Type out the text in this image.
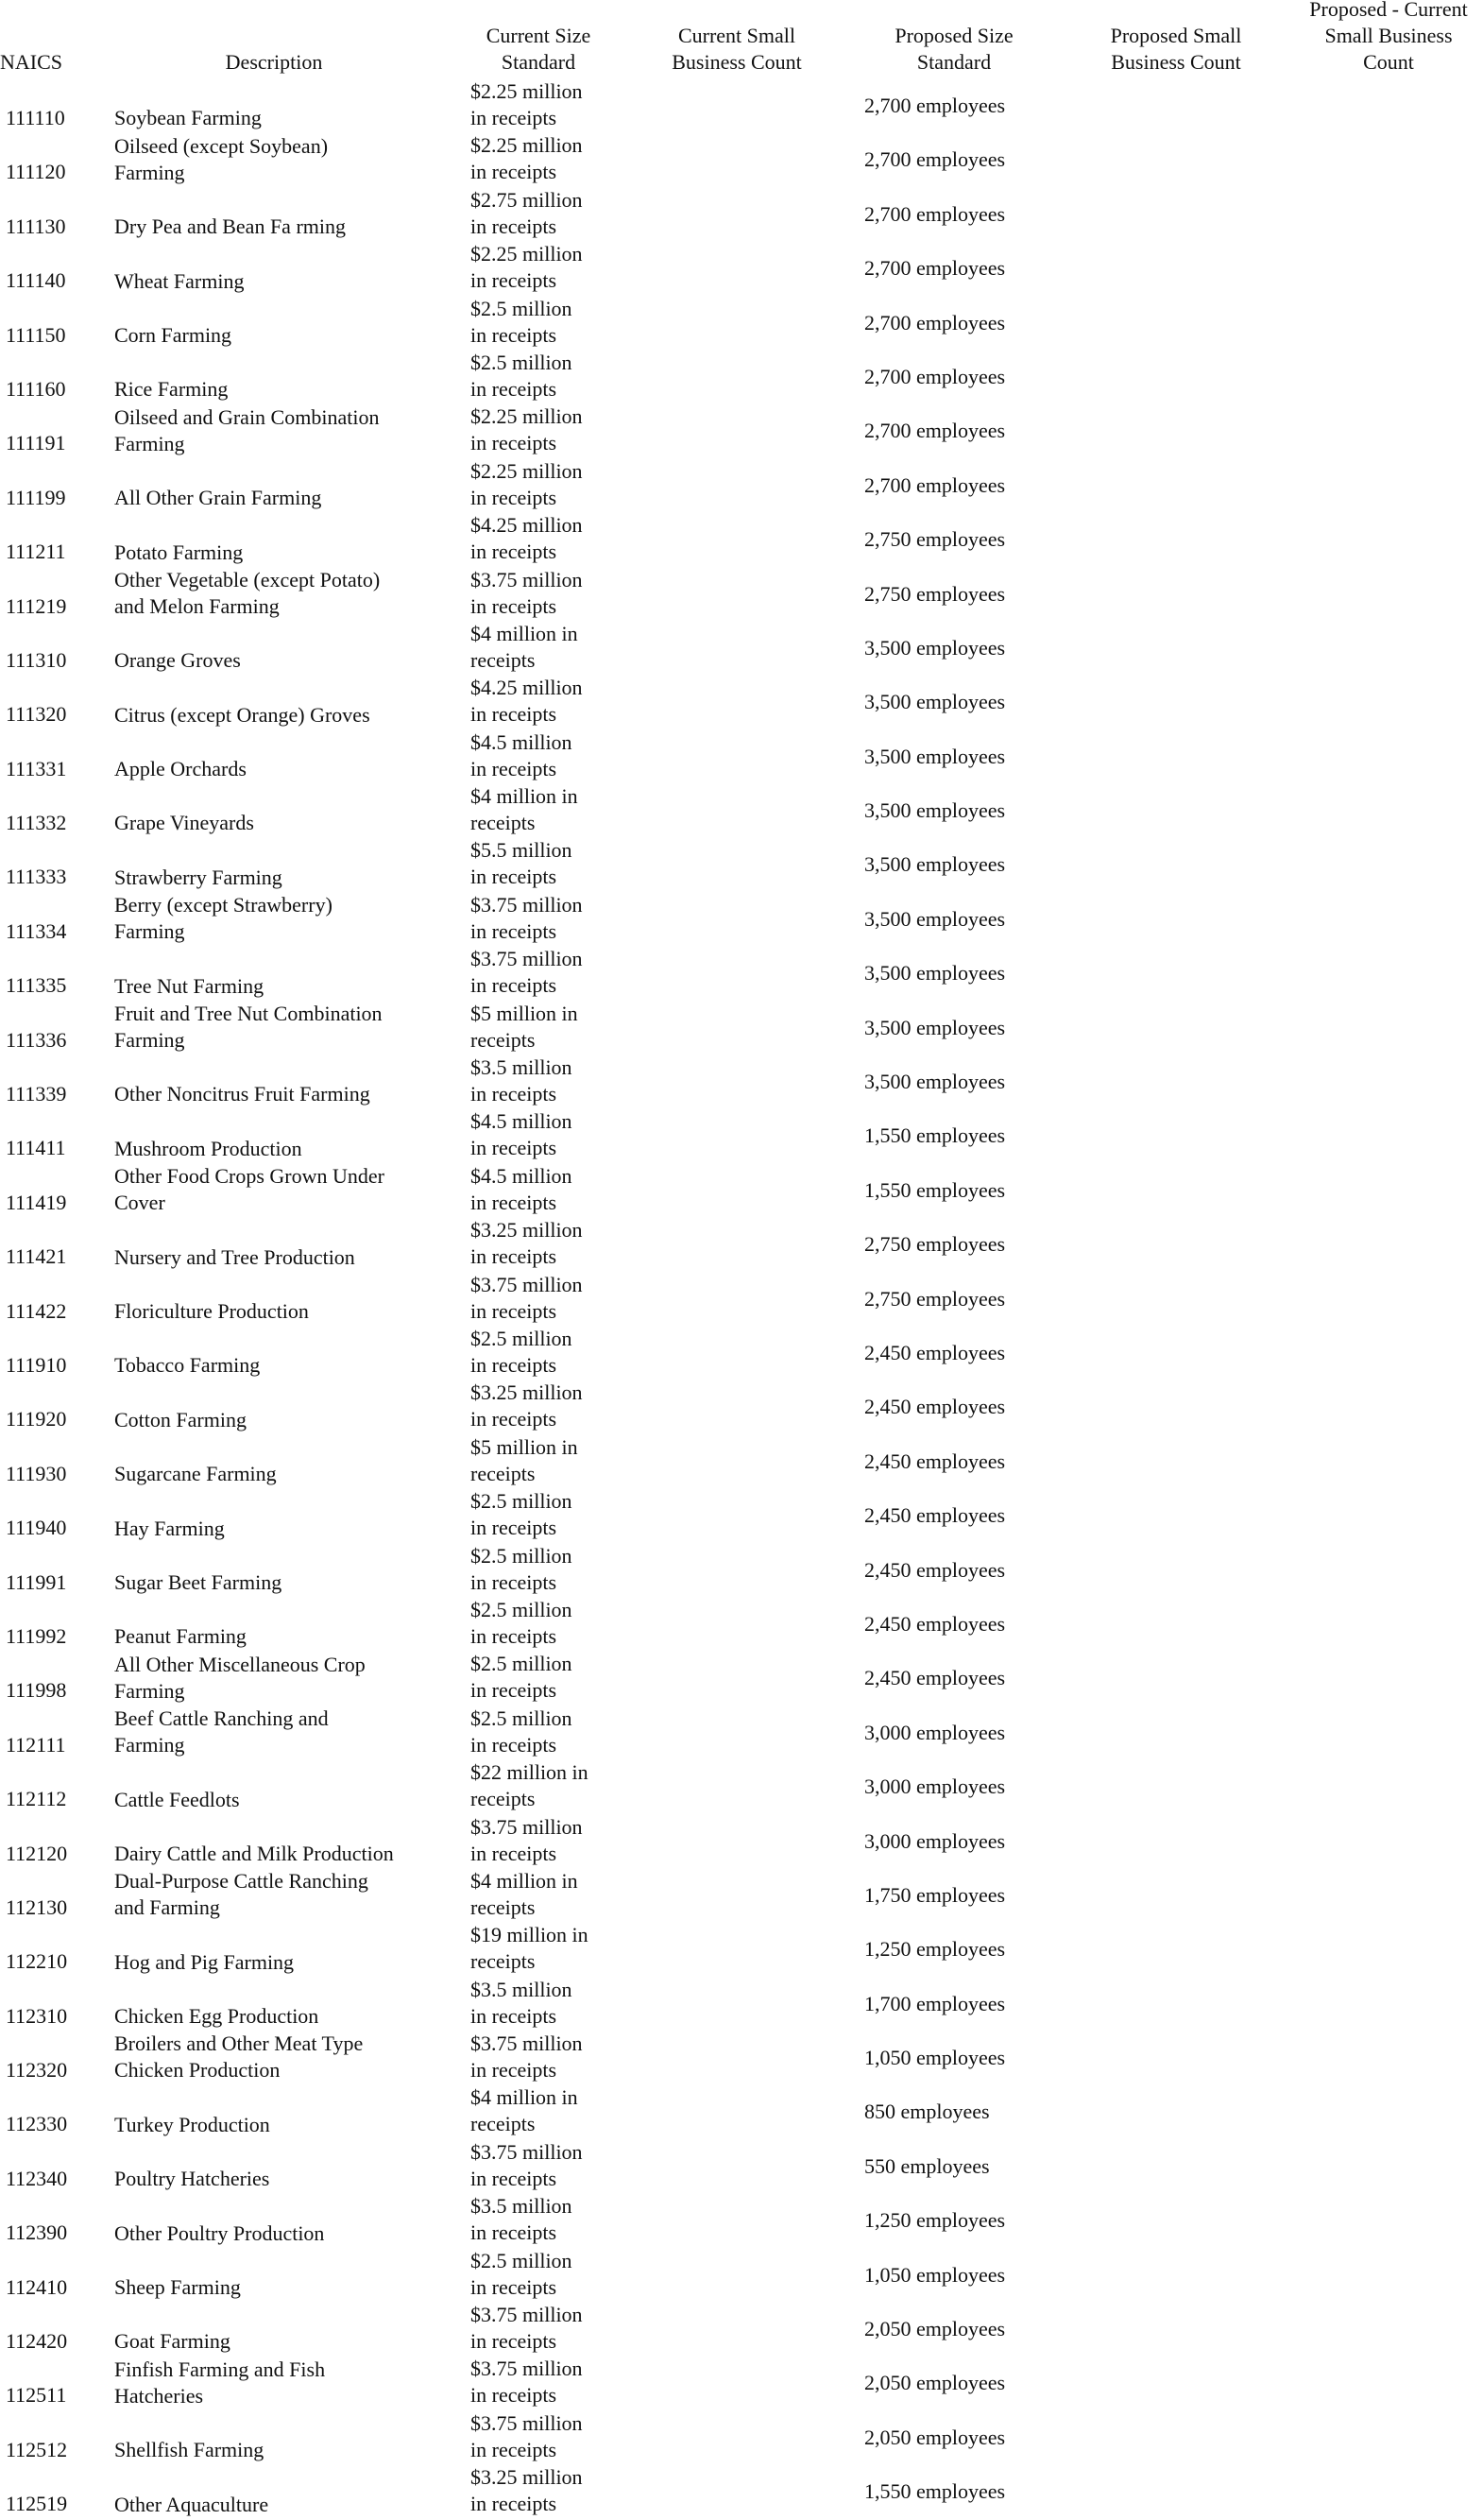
NAICS	Description
Current Size
Standard
Current Small
Business Count
Proposed Size
Standard
Proposed Small
Business Count
Proposed - Current
Small Business
Count
111110 Soybean Farming
$2.25 million
in receipts
2,700 employees
111120
Oilseed (except Soybean)
Farming
$2.25 million
in receipts
2,700 employees
111130 Dry Pea and Bean Fa rming
$2.75 million
in receipts
2,700 employees
111140 Wheat Farming
$2.25 million
in receipts
2,700 employees
111150 Corn Farming
$2.5 million
in receipts
2,700 employees
111160 Rice Farming
$2.5 million
in receipts
2,700 employees
111191
Oilseed and Grain Combination
Farming
$2.25 million
in receipts
2,700 employees
111199 All Other Grain Farming
$2.25 million
in receipts
2,700 employees
111211 Potato Farming
$4.25 million
in receipts
2,750 employees
111219
Other Vegetable (except Potato)
and Melon Farming
$3.75 million
in receipts
2,750 employees
111310 Orange Groves
$4 million in
receipts
3,500 employees
111320 Citrus (except Orange) Groves
$4.25 million
in receipts
3,500 employees
111331 Apple Orchards
$4.5 million
in receipts
3,500 employees
111332 Grape Vineyards
$4 million in
receipts
3,500 employees
111333 Strawberry Farming
$5.5 million
in receipts
3,500 employees
111334
Berry (except Strawberry)
Farming
$3.75 million
in receipts
3,500 employees
111335 Tree Nut Farming
$3.75 million
in receipts
3,500 employees
111336
Fruit and Tree Nut Combination
Farming
$5 million in
receipts
3,500 employees
111339 Other Noncitrus Fruit Farming
$3.5 million
in receipts
3,500 employees
111411 Mushroom Production
$4.5 million
in receipts
1,550 employees
111419
Other Food Crops Grown Under
Cover
$4.5 million
in receipts
1,550 employees
111421 Nursery and Tree Production
$3.25 million
in receipts
2,750 employees
111422 Floriculture Production
$3.75 million
in receipts
2,750 employees
111910 Tobacco Farming
$2.5 million
in receipts
2,450 employees
111920 Cotton Farming
$3.25 million
in receipts
2,450 employees
111930 Sugarcane Farming
$5 million in
receipts
2,450 employees
111940 Hay Farming
$2.5 million
in receipts
2,450 employees
111991 Sugar Beet Farming
$2.5 million
in receipts
2,450 employees
111992 Peanut Farming
$2.5 million
in receipts
2,450 employees
111998
All Other Miscellaneous Crop
Farming
$2.5 million
in receipts
2,450 employees
112111
Beef Cattle Ranching and
Farming
$2.5 million
in receipts
3,000 employees
112112 Cattle Feedlots
$22 million in
receipts
3,000 employees
112120 Dairy Cattle and Milk Production
$3.75 million
in receipts
3,000 employees
112130
Dual-Purpose Cattle Ranching
and Farming
$4 million in
receipts
1,750 employees
112210 Hog and Pig Farming
$19 million in
receipts
1,250 employees
112310 Chicken Egg Production
$3.5 million
in receipts
1,700 employees
112320
Broilers and Other Meat Type
Chicken Production
$3.75 million
in receipts
1,050 employees
112330 Turkey Production
$4 million in
receipts
850 employees
112340 Poultry Hatcheries
$3.75 million
in receipts
550 employees
112390 Other Poultry Production
$3.5 million
in receipts
1,250 employees
112410 Sheep Farming
$2.5 million
in receipts
1,050 employees
112420 Goat Farming
$3.75 million
in receipts
2,050 employees
112511
Finfish Farming and Fish
Hatcheries
$3.75 million
in receipts
2,050 employees
112512 Shellfish Farming
$3.75 million
in receipts
2,050 employees
112519 Other Aquaculture
$3.25 million
in receipts
1,550 employees
